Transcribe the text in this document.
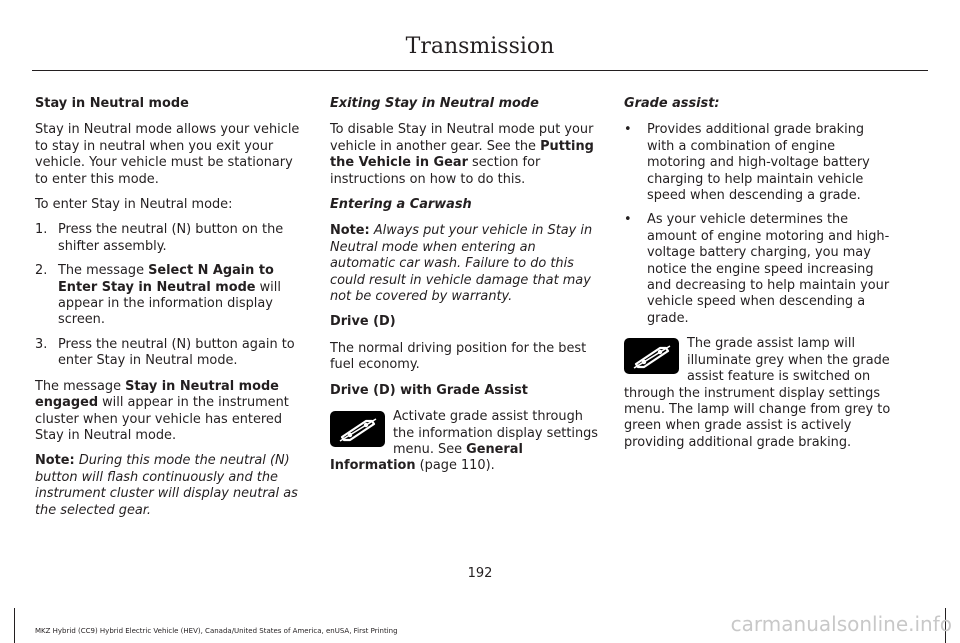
Transmission

Stay in Neutral mode

Stay in Neutral mode allows your vehicle to stay in neutral when you exit your vehicle. Your vehicle must be stationary to enter this mode.

To enter Stay in Neutral mode:

1. Press the neutral (N) button on the shifter assembly.
2. The message Select N Again to Enter Stay in Neutral mode will appear in the information display screen.
3. Press the neutral (N) button again to enter Stay in Neutral mode.

The message Stay in Neutral mode engaged will appear in the instrument cluster when your vehicle has entered Stay in Neutral mode.

Note: During this mode the neutral (N) button will flash continuously and the instrument cluster will display neutral as the selected gear.

Exiting Stay in Neutral mode

To disable Stay in Neutral mode put your vehicle in another gear. See the Putting the Vehicle in Gear section for instructions on how to do this.

Entering a Carwash

Note: Always put your vehicle in Stay in Neutral mode when entering an automatic car wash. Failure to do this could result in vehicle damage that may not be covered by warranty.

Drive (D)

The normal driving position for the best fuel economy.

Drive (D) with Grade Assist

Activate grade assist through the information display settings menu. See General Information (page 110).

Grade assist:

• Provides additional grade braking with a combination of engine motoring and high-voltage battery charging to help maintain vehicle speed when descending a grade.
• As your vehicle determines the amount of engine motoring and high-voltage battery charging, you may notice the engine speed increasing and decreasing to help maintain your vehicle speed when descending a grade.
The grade assist lamp will illuminate grey when the grade assist feature is switched on through the instrument display settings menu. The lamp will change from grey to green when grade assist is actively providing additional grade braking.
192
MKZ Hybrid (CC9) Hybrid Electric Vehicle (HEV), Canada/United States of America, enUSA, First Printing	carmanualsonline.info
